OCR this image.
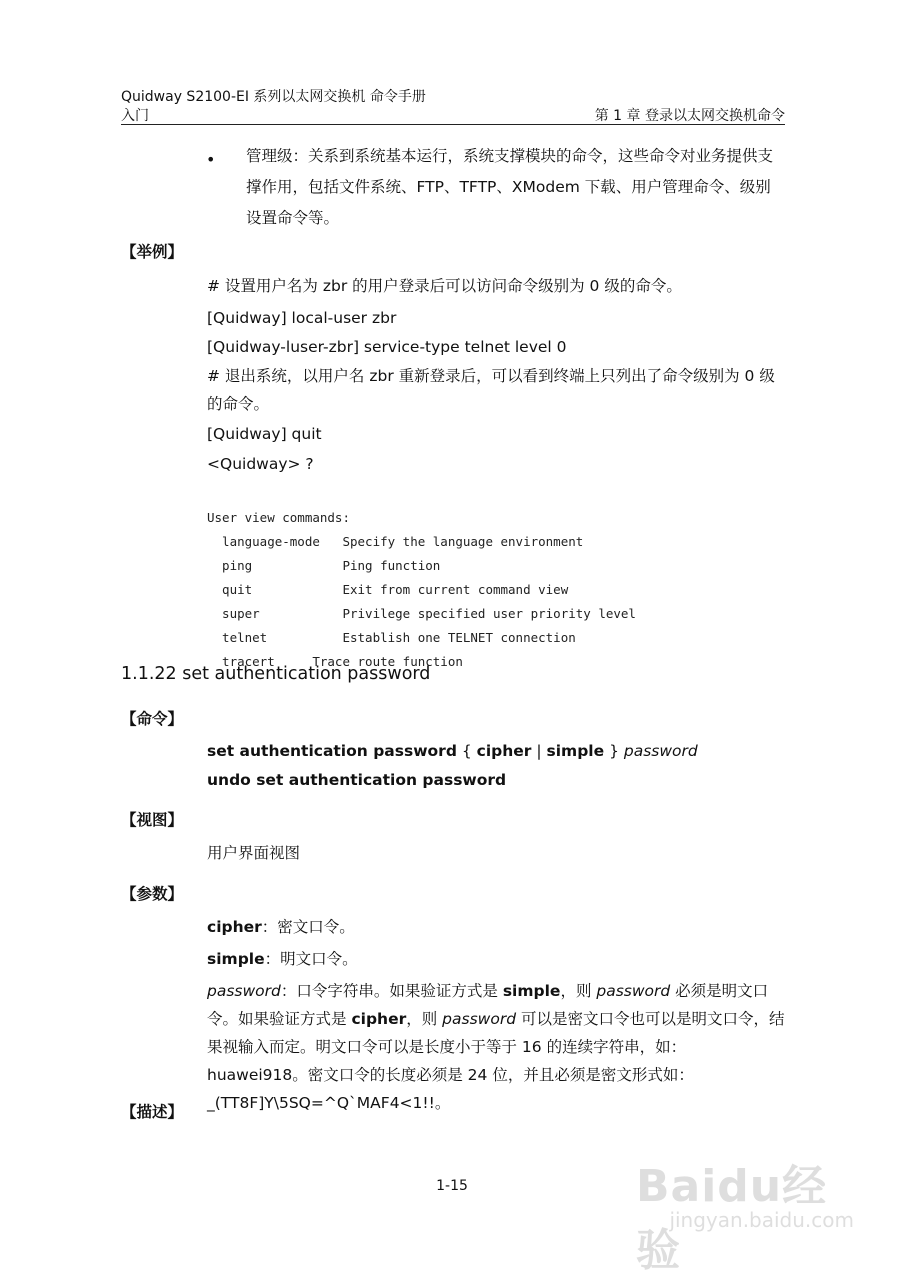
Quidway S2100-EI 系列以太网交换机 命令手册
入门	第 1 章 登录以太网交换机命令
• 管理级：关系到系统基本运行，系统支撑模块的命令，这些命令对业务提供支撑作用，包括文件系统、FTP、TFTP、XModem 下载、用户管理命令、级别设置命令等。
【举例】
# 设置用户名为 zbr 的用户登录后可以访问命令级别为 0 级的命令。
[Quidway] local-user zbr
[Quidway-luser-zbr] service-type telnet level 0
# 退出系统，以用户名 zbr 重新登录后，可以看到终端上只列出了命令级别为 0 级的命令。
[Quidway] quit
<Quidway> ?

User view commands:
language-mode   Specify the language environment
ping            Ping function
quit            Exit from current command view
super           Privilege specified user priority level
telnet          Establish one TELNET connection
tracert     Trace route function
1.1.22 set authentication password
【命令】
set authentication password { cipher | simple } password
undo set authentication password
【视图】
用户界面视图
【参数】
cipher：密文口令。
simple：明文口令。
password：口令字符串。如果验证方式是 simple，则 password 必须是明文口令。如果验证方式是 cipher，则 password 可以是密文口令也可以是明文口令，结果视输入而定。明文口令可以是长度小于等于 16 的连续字符串，如：huawei918。密文口令的长度必须是 24 位，并且必须是密文形式如：_(TT8F]Y\5SQ=^Q`MAF4<1!!。
【描述】
1-15	Baidu经验
jingyan.baidu.com
